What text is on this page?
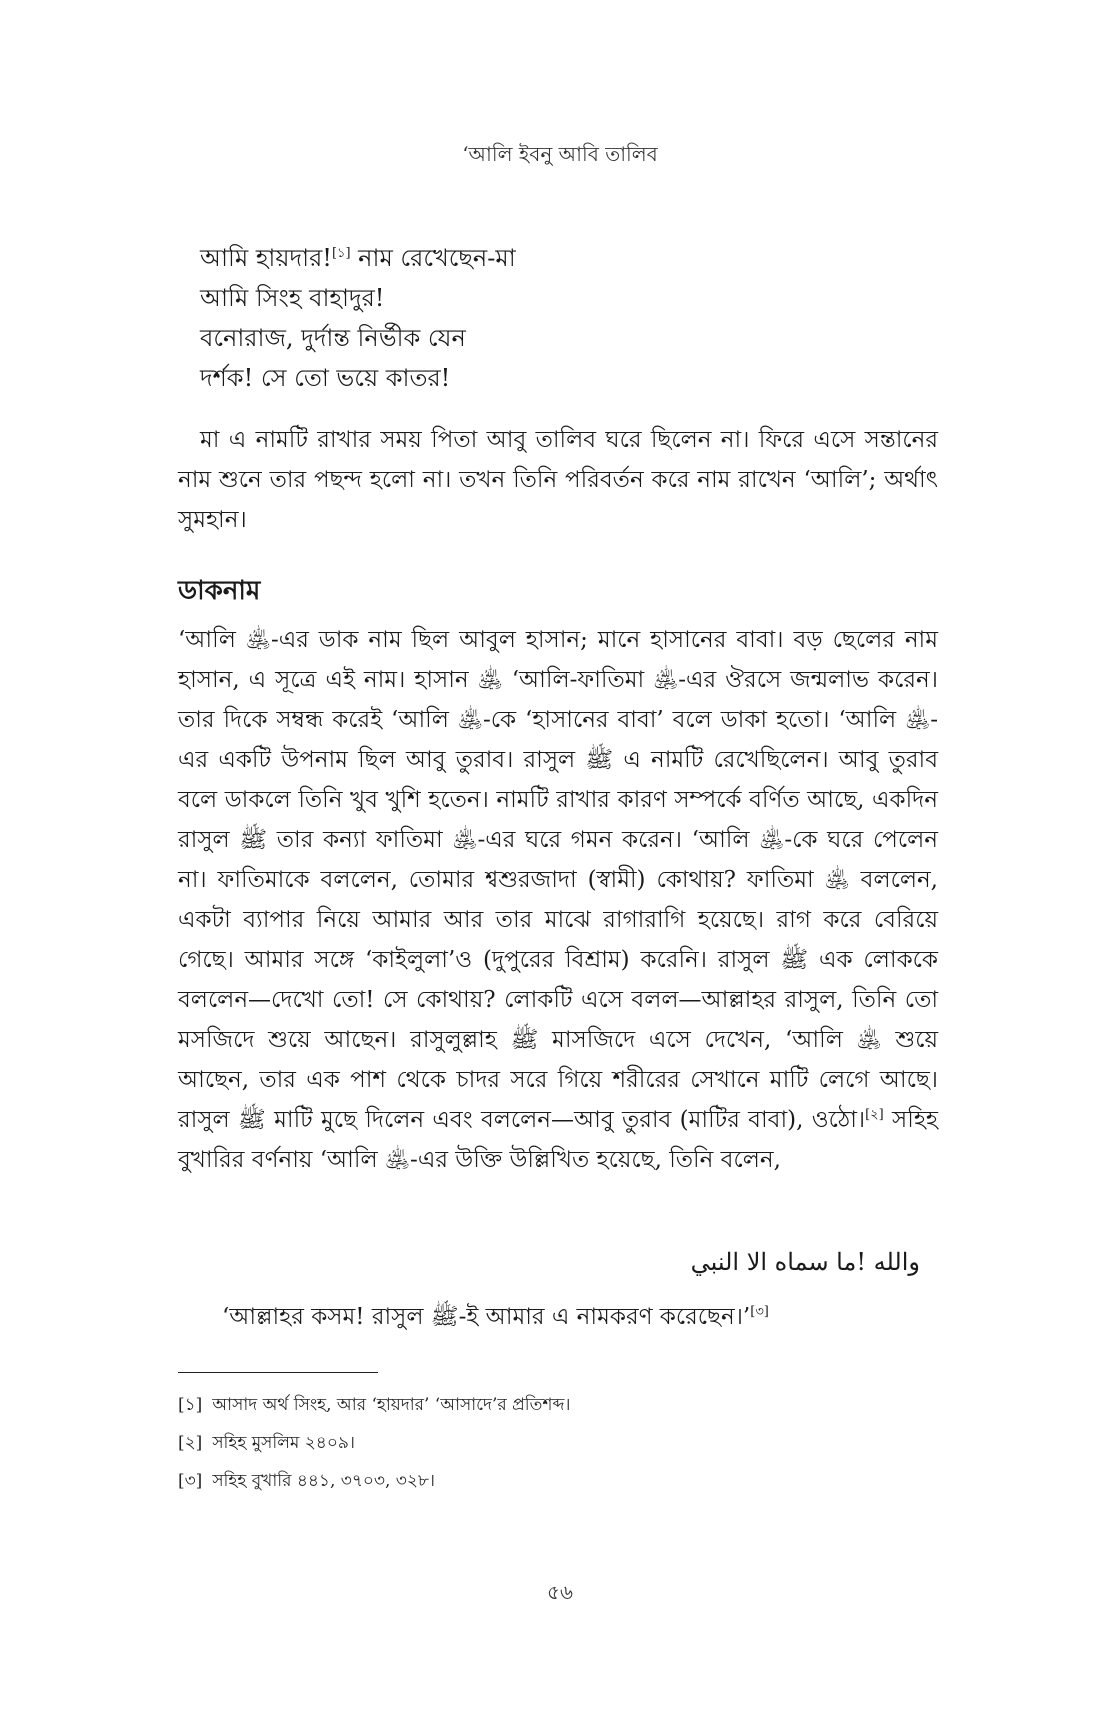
‘আলি ইবনু আবি তালিব
আমি হায়দার![১] নাম রেখেছেন-মা
আমি সিংহ বাহাদুর!
বনোরাজ, দুর্দান্ত নির্ভীক যেন
দর্শক! সে তো ভয়ে কাতর!

মা এ নামটি রাখার সময় পিতা আবু তালিব ঘরে ছিলেন না। ফিরে এসে সন্তানের নাম শুনে তার পছন্দ হলো না। তখন তিনি পরিবর্তন করে নাম রাখেন ‘আলি’; অর্থাৎ সুমহান।

ডাকনাম

‘আলি ﵁-এর ডাক নাম ছিল আবুল হাসান; মানে হাসানের বাবা। বড় ছেলের নাম হাসান, এ সূত্রে এই নাম। হাসান ﵁ ‘আলি-ফাতিমা ﵁-এর ঔরসে জন্মলাভ করেন। তার দিকে সম্বন্ধ করেই ‘আলি ﵁-কে ‘হাসানের বাবা’ বলে ডাকা হতো। ‘আলি ﵁-এর একটি উপনাম ছিল আবু তুরাব। রাসুল ﷺ এ নামটি রেখেছিলেন। আবু তুরাব বলে ডাকলে তিনি খুব খুশি হতেন। নামটি রাখার কারণ সম্পর্কে বর্ণিত আছে, একদিন রাসুল ﷺ তার কন্যা ফাতিমা ﵁-এর ঘরে গমন করেন। ‘আলি ﵁-কে ঘরে পেলেন না। ফাতিমাকে বললেন, তোমার শ্বশুরজাদা (স্বামী) কোথায়? ফাতিমা ﵁ বললেন, একটা ব্যাপার নিয়ে আমার আর তার মাঝে রাগারাগি হয়েছে। রাগ করে বেরিয়ে গেছে। আমার সঙ্গে ‘কাইলুলা’ও (দুপুরের বিশ্রাম) করেনি। রাসুল ﷺ এক লোককে বললেন—দেখো তো! সে কোথায়? লোকটি এসে বলল—আল্লাহর রাসুল, তিনি তো মসজিদে শুয়ে আছেন। রাসুলুল্লাহ ﷺ মাসজিদে এসে দেখেন, ‘আলি ﵁ শুয়ে আছেন, তার এক পাশ থেকে চাদর সরে গিয়ে শরীরের সেখানে মাটি লেগে আছে। রাসুল ﷺ মাটি মুছে দিলেন এবং বললেন—আবু তুরাব (মাটির বাবা), ওঠো।[২] সহিহ বুখারির বর্ণনায় ‘আলি ﵁-এর উক্তি উল্লিখিত হয়েছে, তিনি বলেন,

والله !ما سماه الا النبي
‘আল্লাহর কসম! রাসুল ﷺ-ই আমার এ নামকরণ করেছেন।’[৩]
[১] আসাদ অর্থ সিংহ, আর ‘হায়দার’ ‘আসাদে’র প্রতিশব্দ।
[২] সহিহ মুসলিম ২৪০৯।
[৩] সহিহ বুখারি ৪৪১, ৩৭০৩, ৩২৮।
৫৬
